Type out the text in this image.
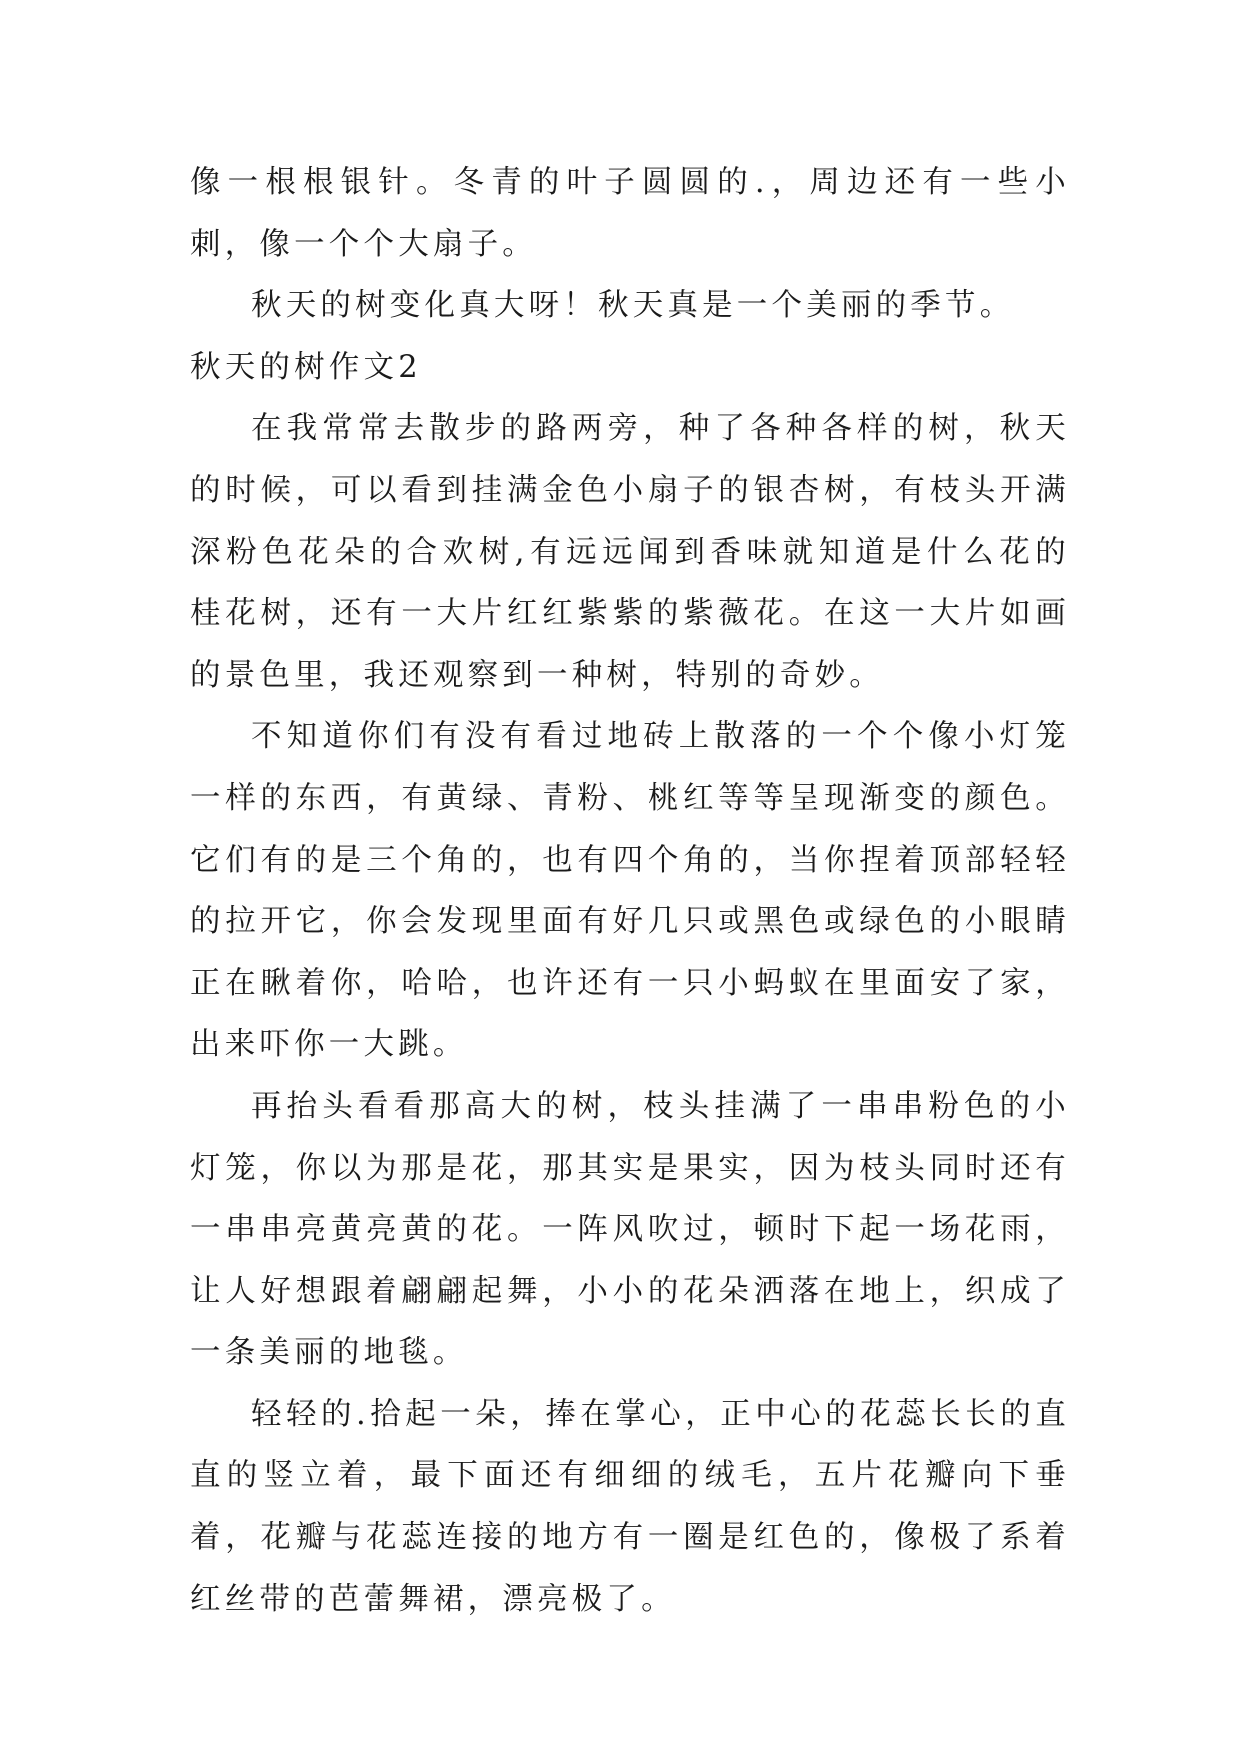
像一根根银针。冬青的叶子圆圆的.，周边还有一些小刺，像一个个大扇子。

秋天的树变化真大呀！秋天真是一个美丽的季节。

秋天的树作文2

在我常常去散步的路两旁，种了各种各样的树，秋天的时候，可以看到挂满金色小扇子的银杏树，有枝头开满深粉色花朵的合欢树,有远远闻到香味就知道是什么花的桂花树，还有一大片红红紫紫的紫薇花。在这一大片如画的景色里，我还观察到一种树，特别的奇妙。

不知道你们有没有看过地砖上散落的一个个像小灯笼一样的东西，有黄绿、青粉、桃红等等呈现渐变的颜色。它们有的是三个角的，也有四个角的，当你捏着顶部轻轻的拉开它，你会发现里面有好几只或黑色或绿色的小眼睛正在瞅着你，哈哈，也许还有一只小蚂蚁在里面安了家，出来吓你一大跳。

再抬头看看那高大的树，枝头挂满了一串串粉色的小灯笼，你以为那是花，那其实是果实，因为枝头同时还有一串串亮黄亮黄的花。一阵风吹过，顿时下起一场花雨，让人好想跟着翩翩起舞，小小的花朵洒落在地上，织成了一条美丽的地毯。

轻轻的.拾起一朵，捧在掌心，正中心的花蕊长长的直直的竖立着，最下面还有细细的绒毛，五片花瓣向下垂着，花瓣与花蕊连接的地方有一圈是红色的，像极了系着红丝带的芭蕾舞裙，漂亮极了。
